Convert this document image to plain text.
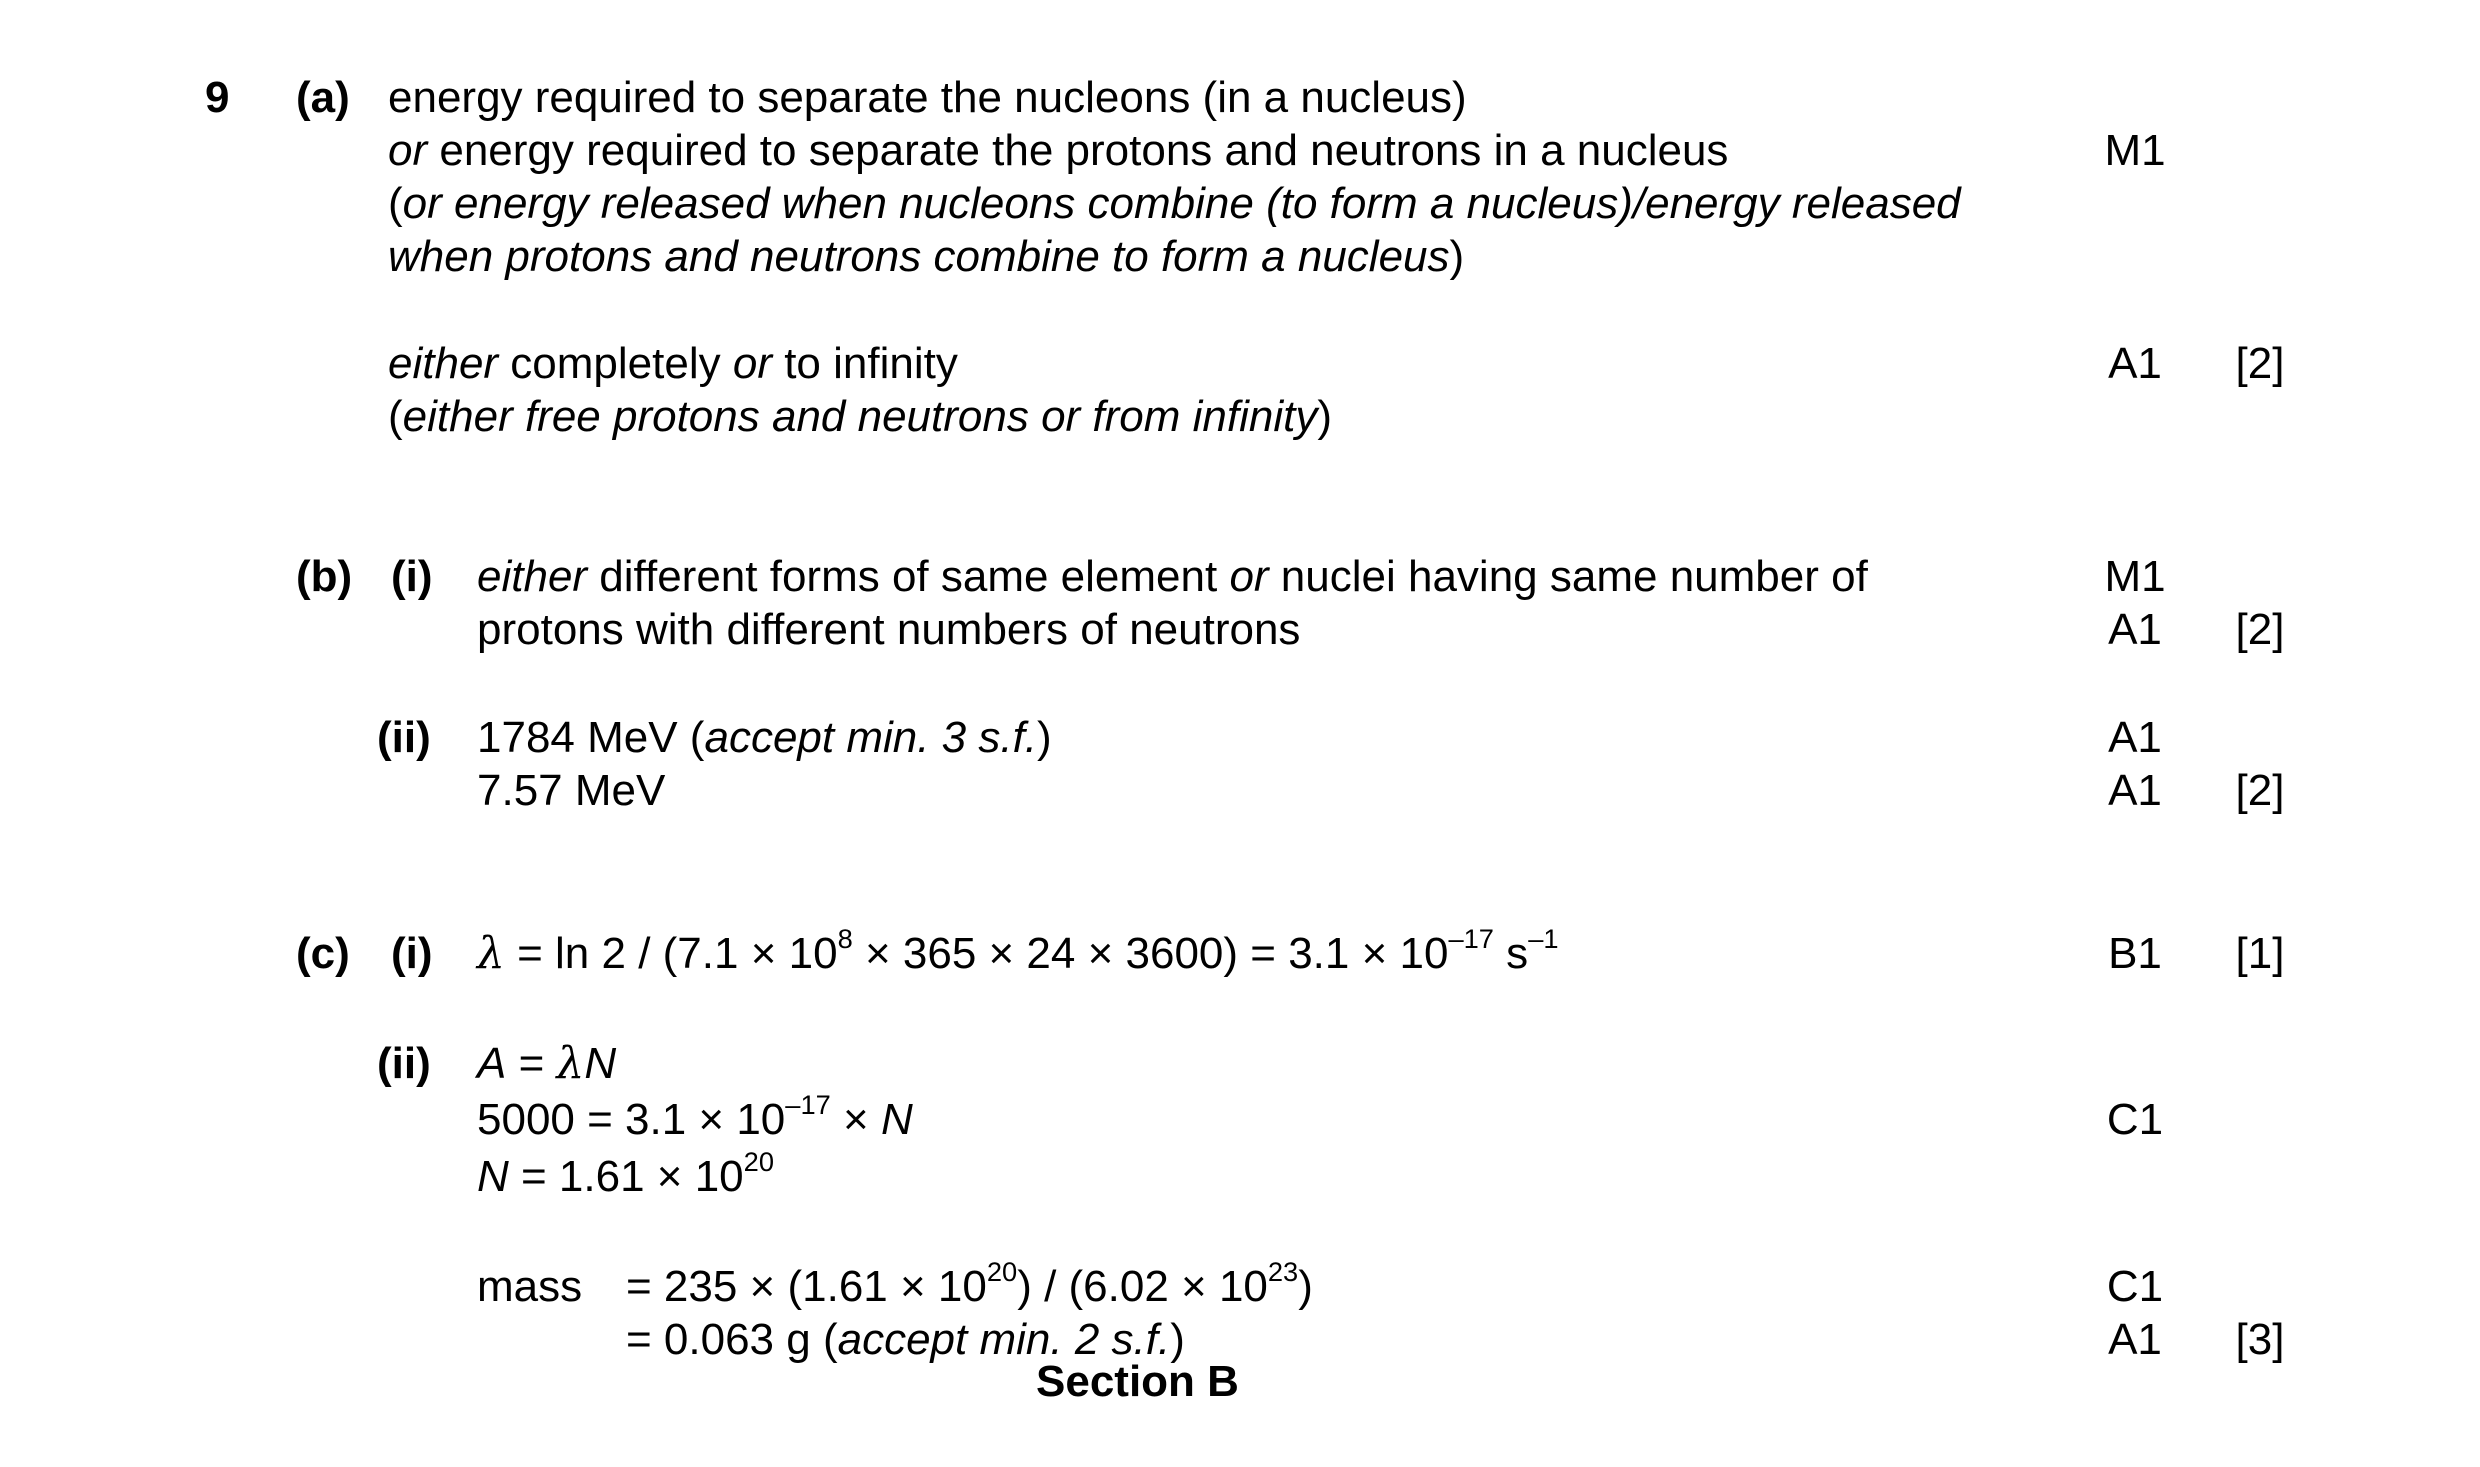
9 (a) energy required to separate the nucleons (in a nucleus)
or energy required to separate the protons and neutrons in a nucleus
(or energy released when nucleons combine (to form a nucleus)/energy released
when protons and neutrons combine to form a nucleus)
either completely or to infinity
(either free protons and neutrons or from infinity)
M1
A1 [2]
(b) (i) either different forms of same element or nuclei having same number of
protons with different numbers of neutrons
M1
A1 [2]
(ii) 1784 MeV (accept min. 3 s.f.)
7.57 MeV
A1
A1 [2]
(c) (i) $\lambda = \ln 2 / (7.1 \times 10^8 \times 365 \times 24 \times 3600) = 3.1 \times 10^{-17}$ $s^{-1}$	B1 [1]
(ii) A = λN
$5000 = 3.1 \times 10^{-17} \times N$
$N = 1.61 \times 10^{20}$
C1
mass = $235 \times (1.61 \times 10^{20}) / (6.02 \times 10^{23})$
= 0.063 g (accept min. 2 s.f.)
C1
A1 [3]
Section B
